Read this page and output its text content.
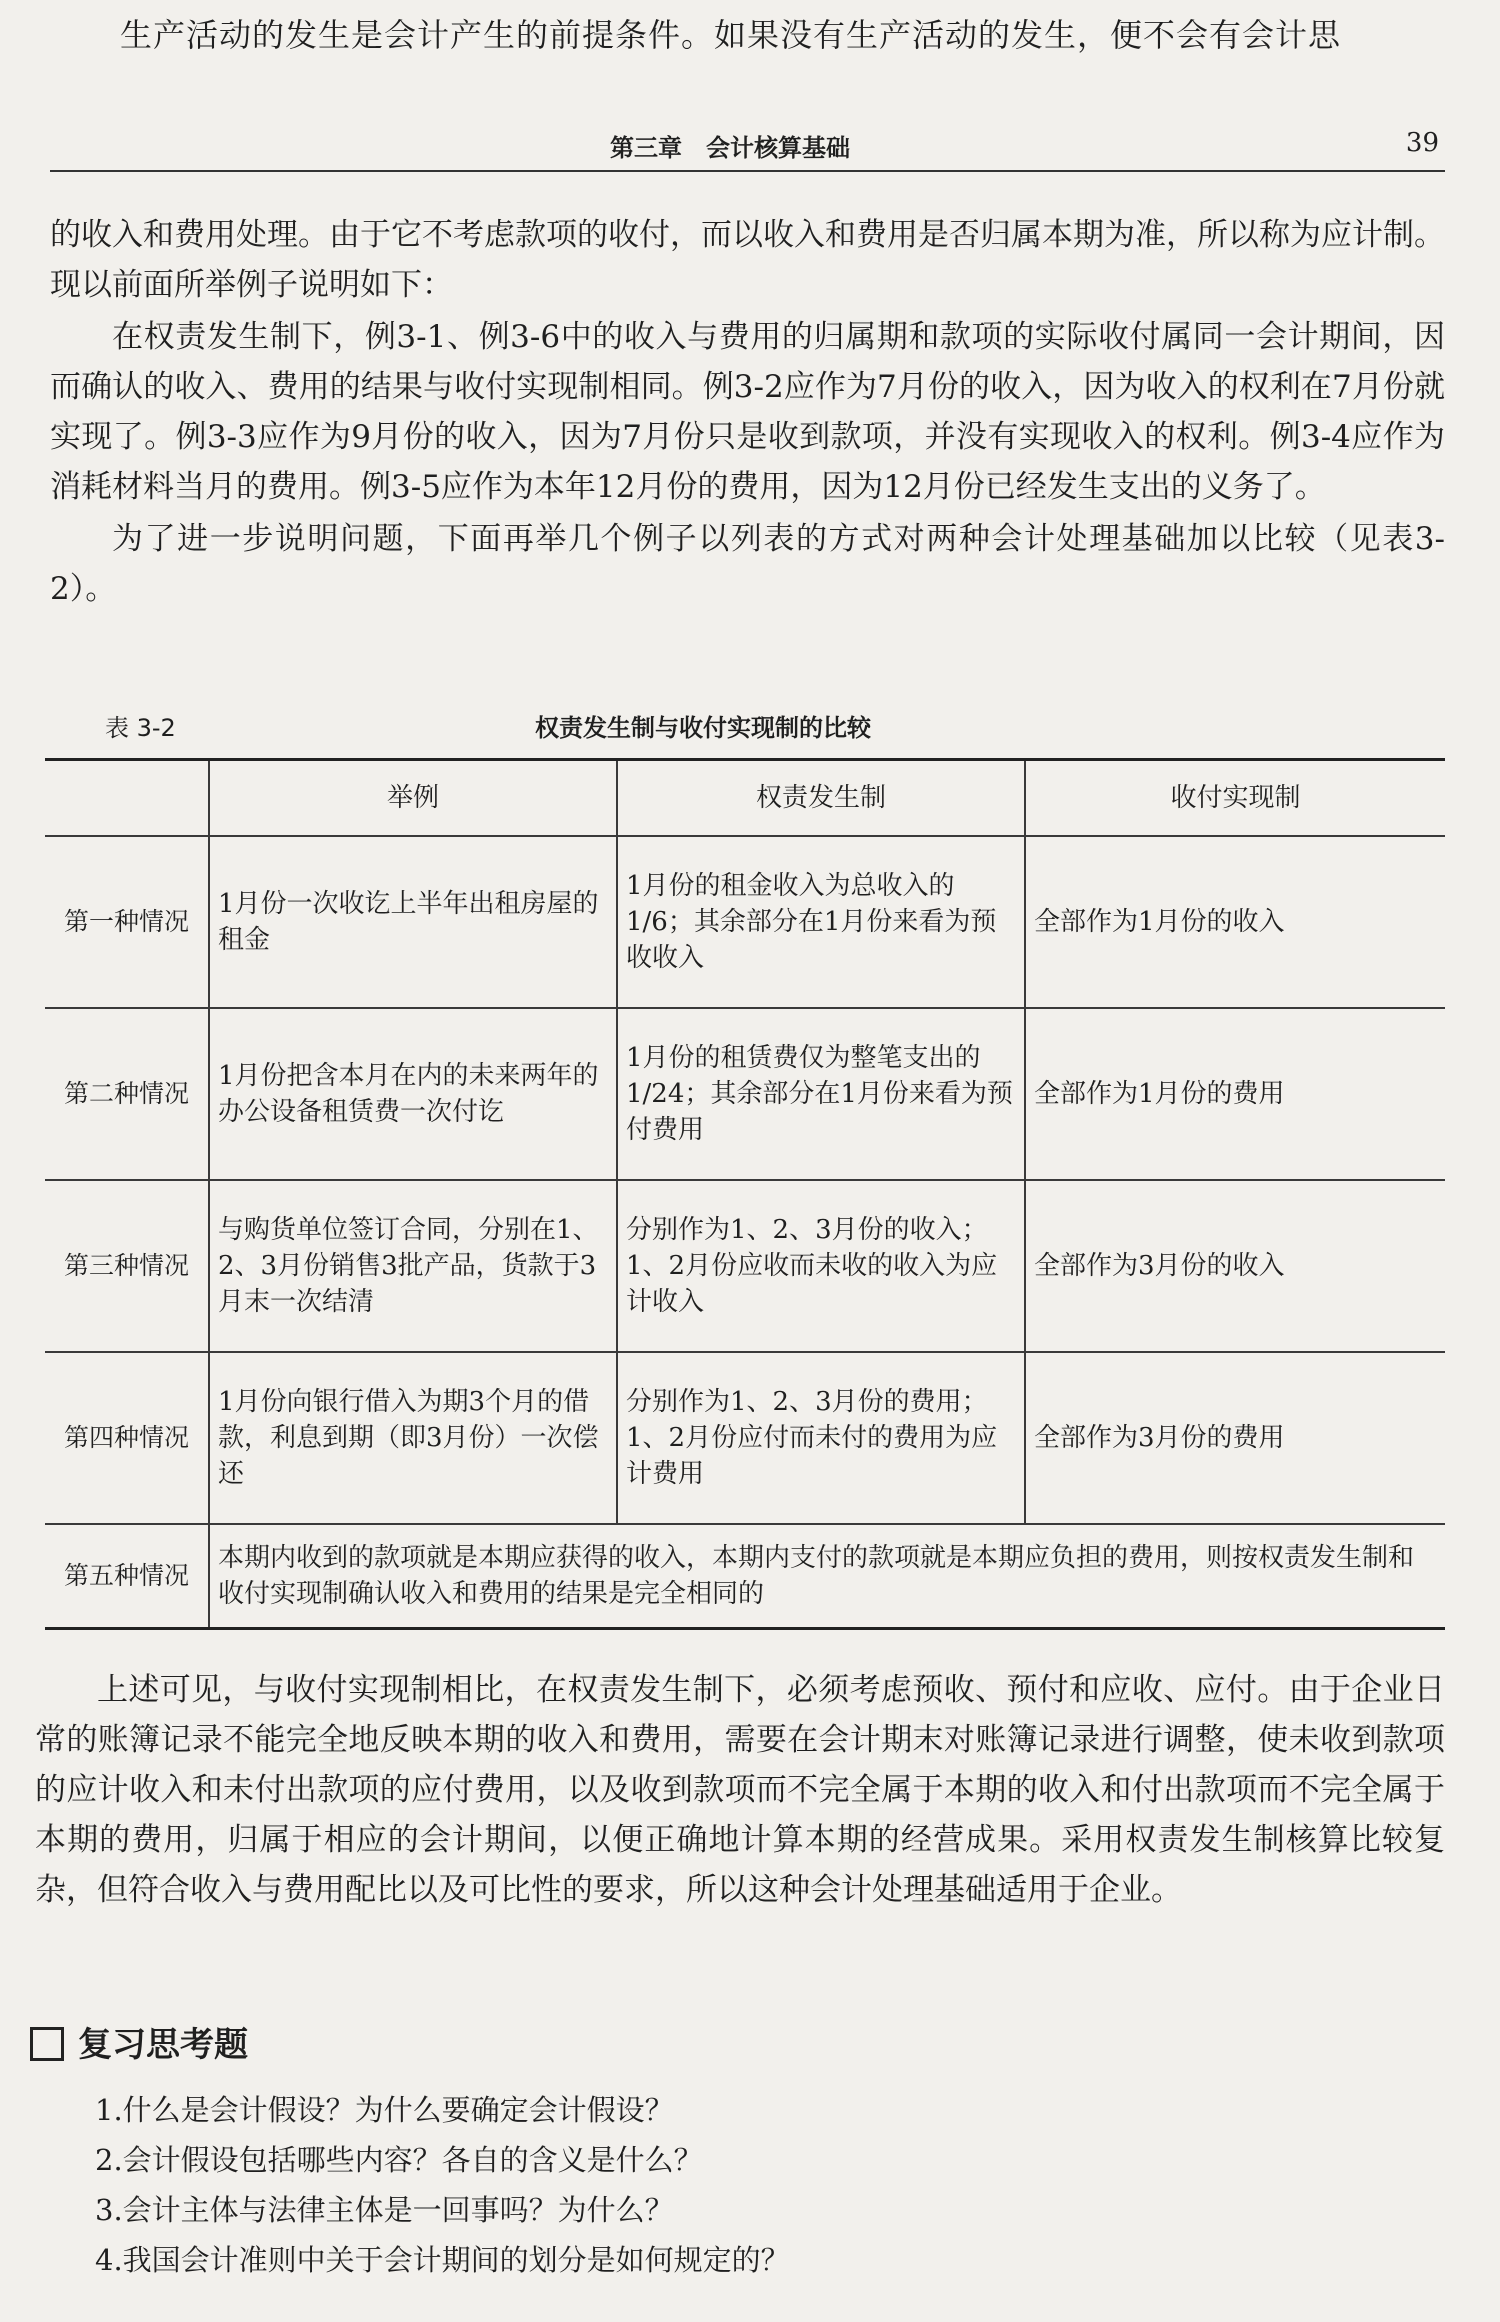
生产活动的发生是会计产生的前提条件。如果没有生产活动的发生，便不会有会计思
第三章　会计核算基础	39

的收入和费用处理。由于它不考虑款项的收付，而以收入和费用是否归属本期为准，所以称为应计制。现以前面所举例子说明如下：

在权责发生制下，例3-1、例3-6中的收入与费用的归属期和款项的实际收付属同一会计期间，因而确认的收入、费用的结果与收付实现制相同。例3-2应作为7月份的收入，因为收入的权利在7月份就实现了。例3-3应作为9月份的收入，因为7月份只是收到款项，并没有实现收入的权利。例3-4应作为消耗材料当月的费用。例3-5应作为本年12月份的费用，因为12月份已经发生支出的义务了。

为了进一步说明问题，下面再举几个例子以列表的方式对两种会计处理基础加以比较（见表3-2）。

表 3-2	权责发生制与收付实现制的比较
	举例	权责发生制	收付实现制
第一种情况	1月份一次收讫上半年出租房屋的租金	1月份的租金收入为总收入的1/6；其余部分在1月份来看为预收收入	全部作为1月份的收入
第二种情况	1月份把含本月在内的未来两年的办公设备租赁费一次付讫	1月份的租赁费仅为整笔支出的1/24；其余部分在1月份来看为预付费用	全部作为1月份的费用
第三种情况	与购货单位签订合同，分别在1、2、3月份销售3批产品，货款于3月末一次结清	分别作为1、2、3月份的收入；1、2月份应收而未收的收入为应计收入	全部作为3月份的收入
第四种情况	1月份向银行借入为期3个月的借款，利息到期（即3月份）一次偿还	分别作为1、2、3月份的费用；1、2月份应付而未付的费用为应计费用	全部作为3月份的费用
第五种情况	本期内收到的款项就是本期应获得的收入，本期内支付的款项就是本期应负担的费用，则按权责发生制和收付实现制确认收入和费用的结果是完全相同的		

上述可见，与收付实现制相比，在权责发生制下，必须考虑预收、预付和应收、应付。由于企业日常的账簿记录不能完全地反映本期的收入和费用，需要在会计期末对账簿记录进行调整，使未收到款项的应计收入和未付出款项的应付费用，以及收到款项而不完全属于本期的收入和付出款项而不完全属于本期的费用，归属于相应的会计期间，以便正确地计算本期的经营成果。采用权责发生制核算比较复杂，但符合收入与费用配比以及可比性的要求，所以这种会计处理基础适用于企业。

复习思考题
1.什么是会计假设？为什么要确定会计假设？
2.会计假设包括哪些内容？各自的含义是什么？
3.会计主体与法律主体是一回事吗？为什么？
4.我国会计准则中关于会计期间的划分是如何规定的？
